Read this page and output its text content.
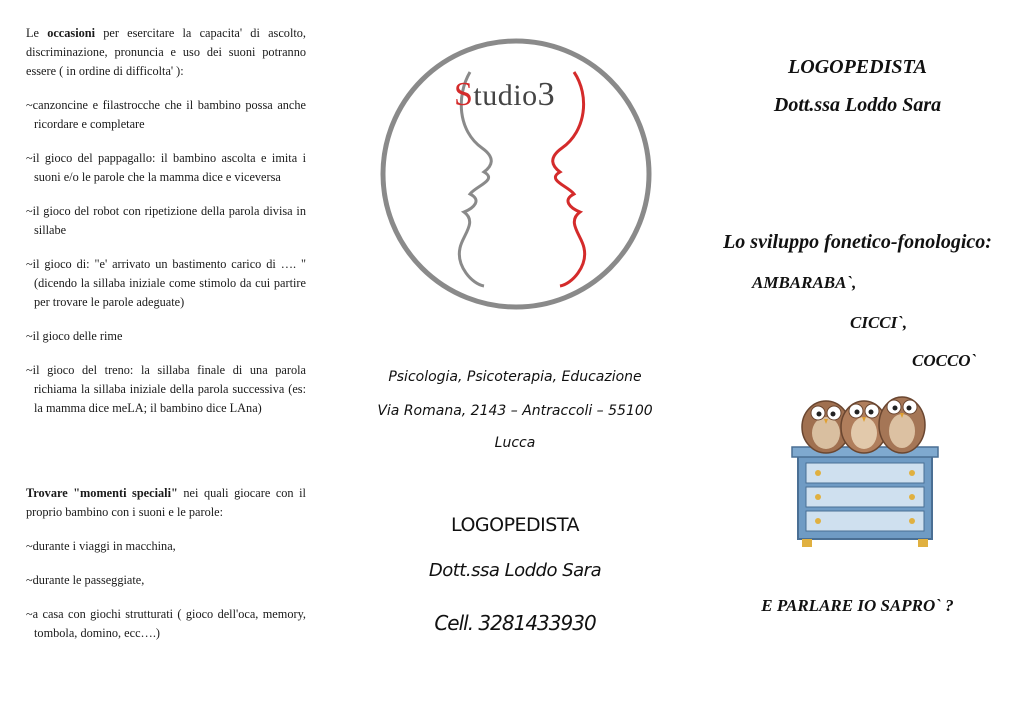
Le occasioni per esercitare la capacita' di ascolto, discriminazione, pronuncia e uso dei suoni potranno essere ( in ordine di difficolta' ):

~canzoncine e filastrocche che il bambino possa anche ricordare e completare

~il gioco del pappagallo: il bambino ascolta e imita i suoni e/o le parole che la mamma dice e viceversa

~il gioco del robot con ripetizione della parola divisa in sillabe

~il gioco di: "e' arrivato un bastimento carico di …. " (dicendo la sillaba iniziale come stimolo da cui partire per trovare le parole adeguate)

~il gioco delle rime

~il gioco del treno: la sillaba finale di una parola richiama la sillaba iniziale della parola successiva (es: la mamma dice meLA; il bambino dice LAna)

Trovare "momenti speciali" nei quali giocare con il proprio bambino con i suoni e le parole:

~durante i viaggi in macchina,

~durante le passeggiate,

~a casa con giochi strutturati ( gioco dell'oca, memory, tombola, domino, ecc….)

Studio3
Psicologia, Psicoterapia, Educazione
Via Romana, 2143 – Antraccoli – 55100
Lucca
LOGOPEDISTA
Dott.ssa Loddo Sara
Cell. 3281433930
LOGOPEDISTA
Dott.ssa Loddo Sara
Lo sviluppo fonetico-fonologico:
AMBARABA`,
CICCI`,
COCCO`
E PARLARE IO SAPRO` ?
